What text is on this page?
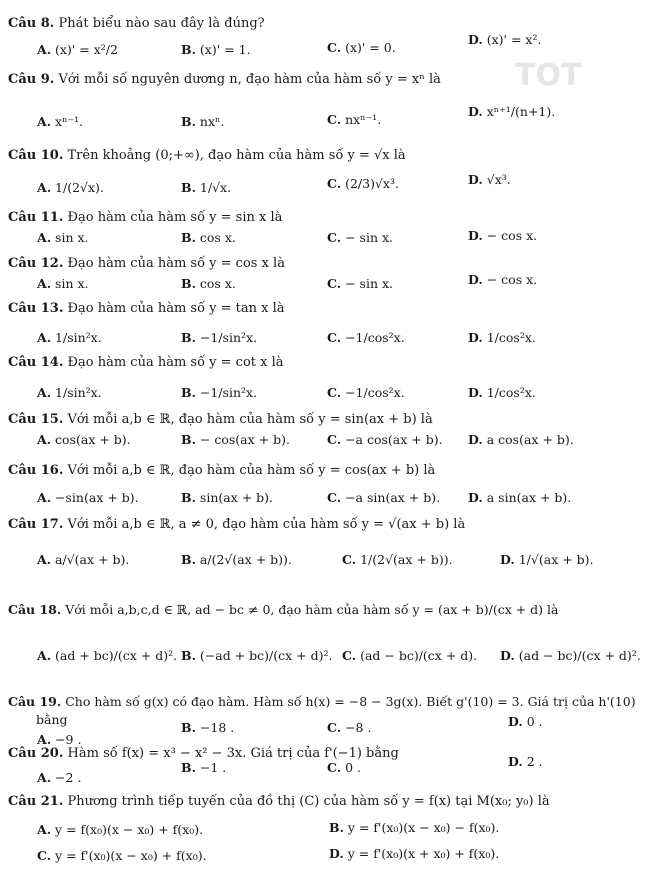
TOT
Câu 8. Phát biểu nào sau đây là đúng?
A. (x)' = x²/2	B. (x)' = 1.	C. (x)' = 0.
D. (x)' = x².
Câu 9. Với mỗi số nguyên dương n, đạo hàm của hàm số y = xⁿ là
A. xⁿ⁻¹.	B. nxⁿ.	C. nxⁿ⁻¹.
D. xⁿ⁺¹/(n+1).
Câu 10. Trên khoảng (0;+∞), đạo hàm của hàm số y = √x là
A. 1/(2√x).	B. 1/√x.	C. (2/3)√x³.	D. √x³.
Câu 11. Đạo hàm của hàm số y = sin x là
A. sin x.	B. cos x.	C. − sin x.	D. − cos x.
Câu 12. Đạo hàm của hàm số y = cos x là
A. sin x.	B. cos x.	C. − sin x.	D. − cos x.
Câu 13. Đạo hàm của hàm số y = tan x là
A. 1/sin²x.	B. −1/sin²x.	C. −1/cos²x.	D. 1/cos²x.
Câu 14. Đạo hàm của hàm số y = cot x là
A. 1/sin²x.	B. −1/sin²x.	C. −1/cos²x.	D. 1/cos²x.
Câu 15. Với mỗi a,b ∈ ℝ, đạo hàm của hàm số y = sin(ax + b) là
A. cos(ax + b).	B. − cos(ax + b).	C. −a cos(ax + b). D. a cos(ax + b).
Câu 16. Với mỗi a,b ∈ ℝ, đạo hàm của hàm số y = cos(ax + b) là
A. −sin(ax + b).	B. sin(ax + b).	C. −a sin(ax + b). D. a sin(ax + b).
Câu 17. Với mỗi a,b ∈ ℝ, a ≠ 0, đạo hàm của hàm số y = √(ax + b) là
A. a/√(ax + b).	B. a/(2√(ax + b)).	C. 1/(2√(ax + b)).	D. 1/√(ax + b).
Câu 18. Với mỗi a,b,c,d ∈ ℝ, ad − bc ≠ 0, đạo hàm của hàm số y = (ax + b)/(cx + d) là
A. (ad + bc)/(cx + d)². B. (−ad + bc)/(cx + d)². C. (ad − bc)/(cx + d). D. (ad − bc)/(cx + d)².
Câu 19. Cho hàm số g(x) có đạo hàm. Hàm số h(x) = −8 − 3g(x). Biết g'(10) = 3. Giá trị của h'(10)
bằng
A. −9 .
B. −18 .	C. −8 .	D. 0 .
Câu 20. Hàm số f(x) = x³ − x² − 3x. Giá trị của f'(−1) bằng
A. −2 .
B. −1 .	C. 0 .	D. 2 .
Câu 21. Phương trình tiếp tuyến của đồ thị (C) của hàm số y = f(x) tại M(x₀; y₀) là
A. y = f(x₀)(x − x₀) + f(x₀).	B. y = f'(x₀)(x − x₀) − f(x₀).
C. y = f'(x₀)(x − x₀) + f(x₀).	D. y = f'(x₀)(x + x₀) + f(x₀).
